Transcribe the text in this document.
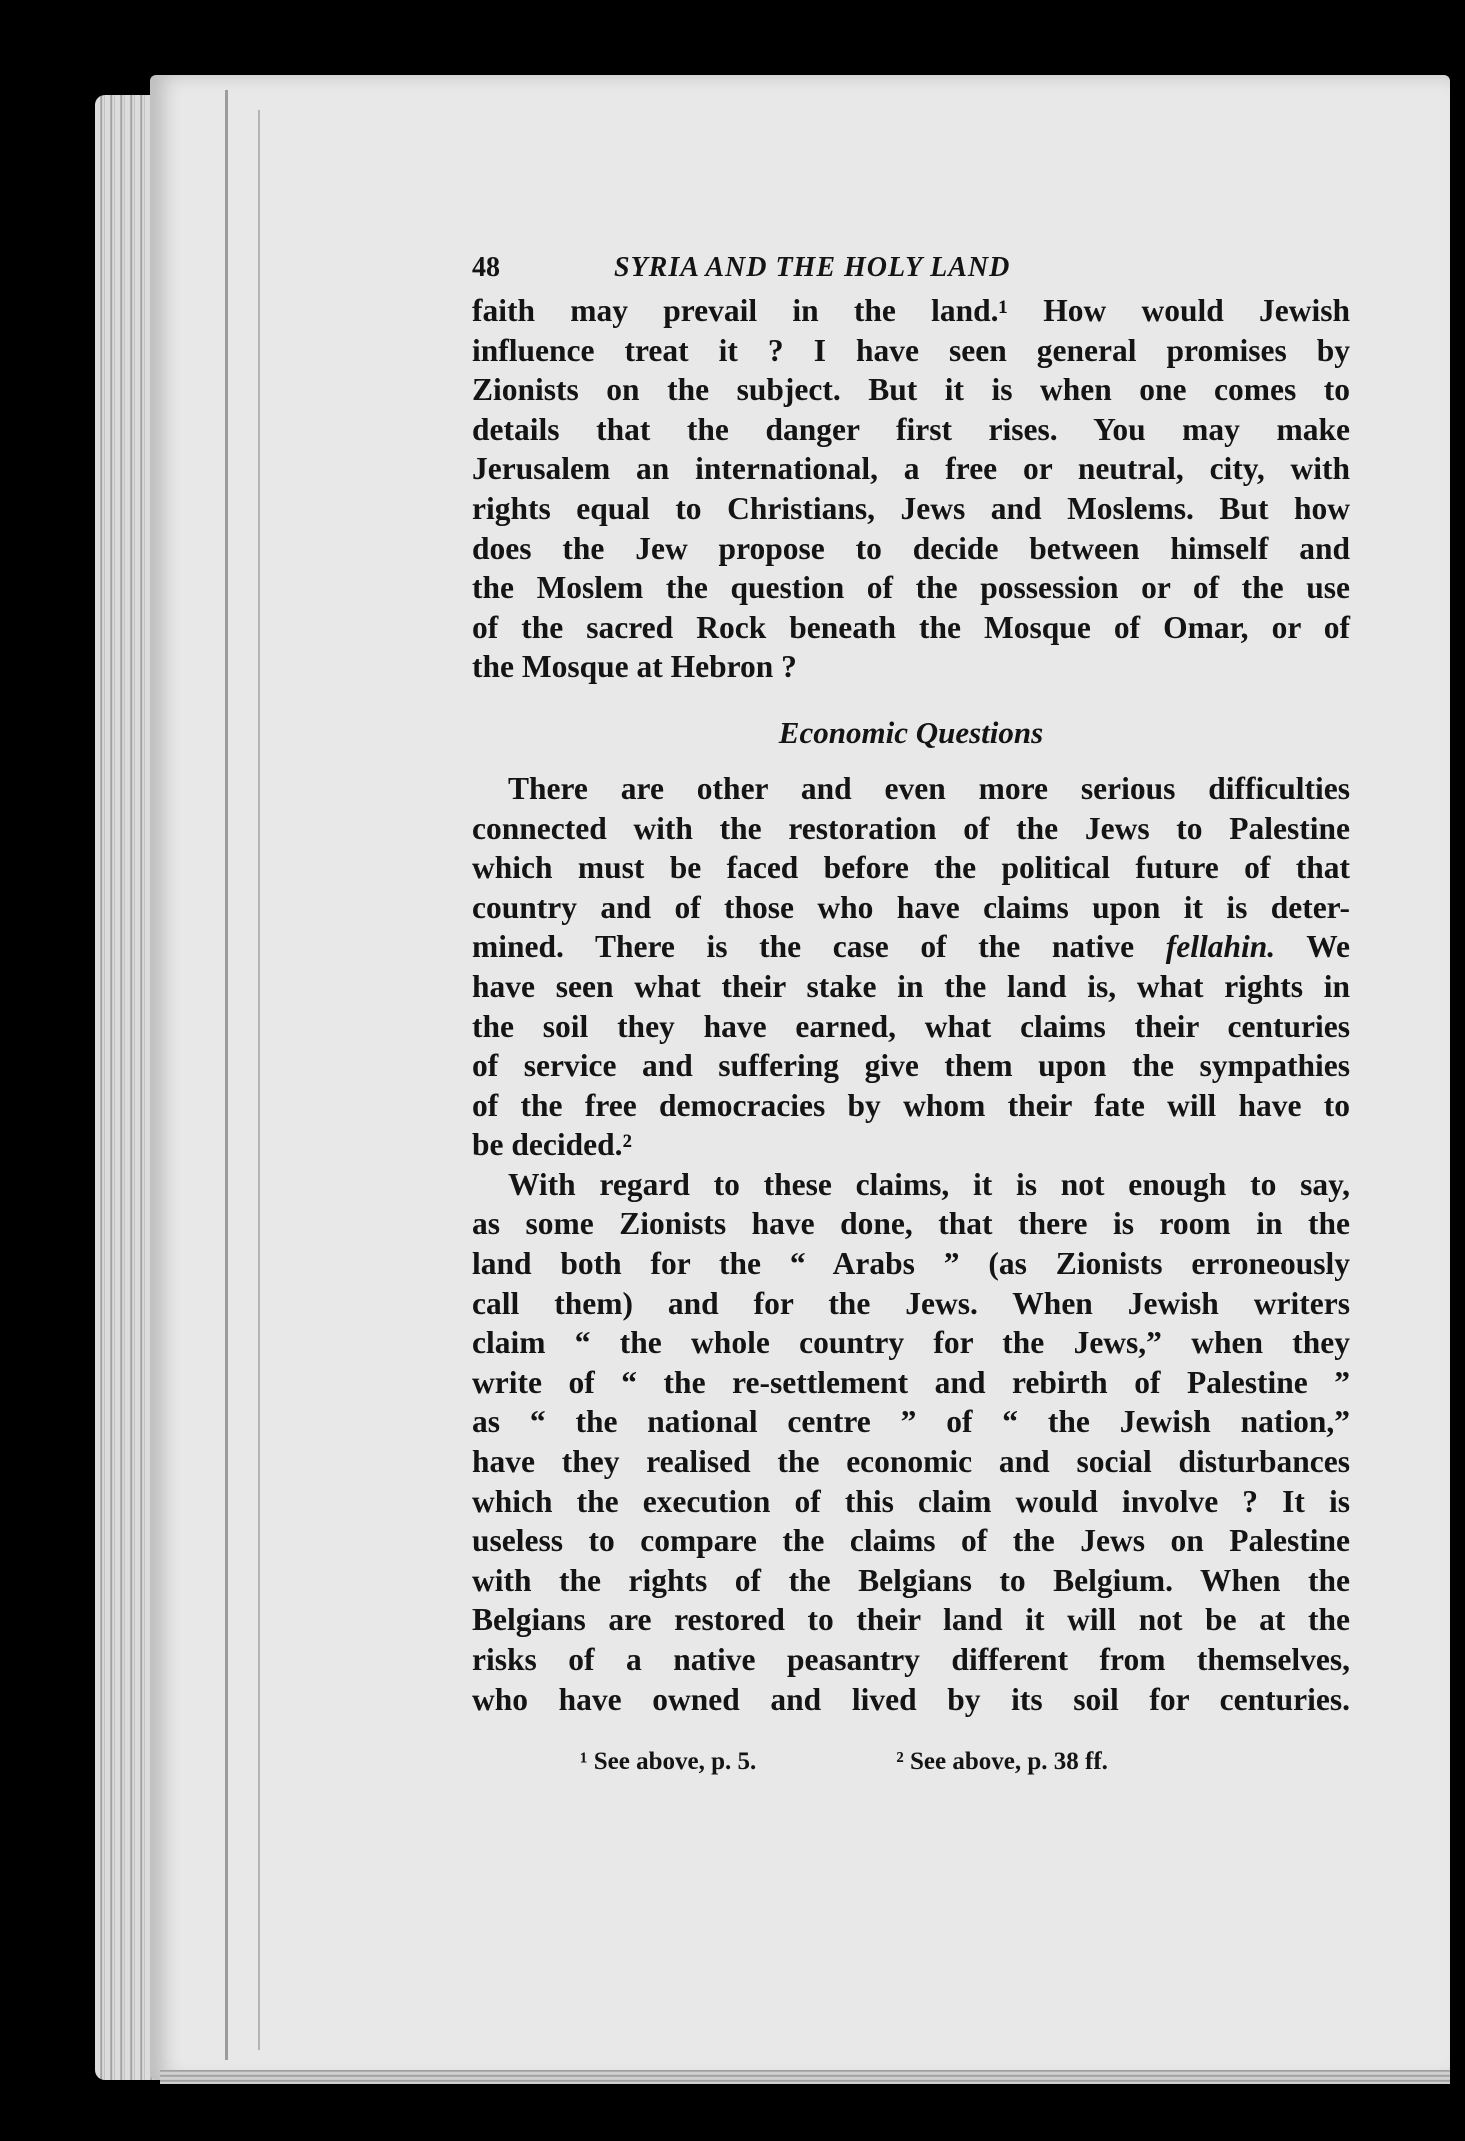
48	SYRIA AND THE HOLY LAND
faith may prevail in the land.¹ How would Jewish
influence treat it ? I have seen general promises by
Zionists on the subject. But it is when one comes to
details that the danger first rises. You may make
Jerusalem an international, a free or neutral, city, with
rights equal to Christians, Jews and Moslems. But how
does the Jew propose to decide between himself and
the Moslem the question of the possession or of the use
of the sacred Rock beneath the Mosque of Omar, or of
the Mosque at Hebron ?
Economic Questions
There are other and even more serious difficulties
connected with the restoration of the Jews to Palestine
which must be faced before the political future of that
country and of those who have claims upon it is deter-
mined. There is the case of the native fellahin. We
have seen what their stake in the land is, what rights in
the soil they have earned, what claims their centuries
of service and suffering give them upon the sympathies
of the free democracies by whom their fate will have to
be decided.²
With regard to these claims, it is not enough to say,
as some Zionists have done, that there is room in the
land both for the “ Arabs ” (as Zionists erroneously
call them) and for the Jews. When Jewish writers
claim “ the whole country for the Jews,” when they
write of “ the re-settlement and rebirth of Palestine ”
as “ the national centre ” of “ the Jewish nation,”
have they realised the economic and social disturbances
which the execution of this claim would involve ? It is
useless to compare the claims of the Jews on Palestine
with the rights of the Belgians to Belgium. When the
Belgians are restored to their land it will not be at the
risks of a native peasantry different from themselves,
who have owned and lived by its soil for centuries.
¹ See above, p. 5.	² See above, p. 38 ff.
